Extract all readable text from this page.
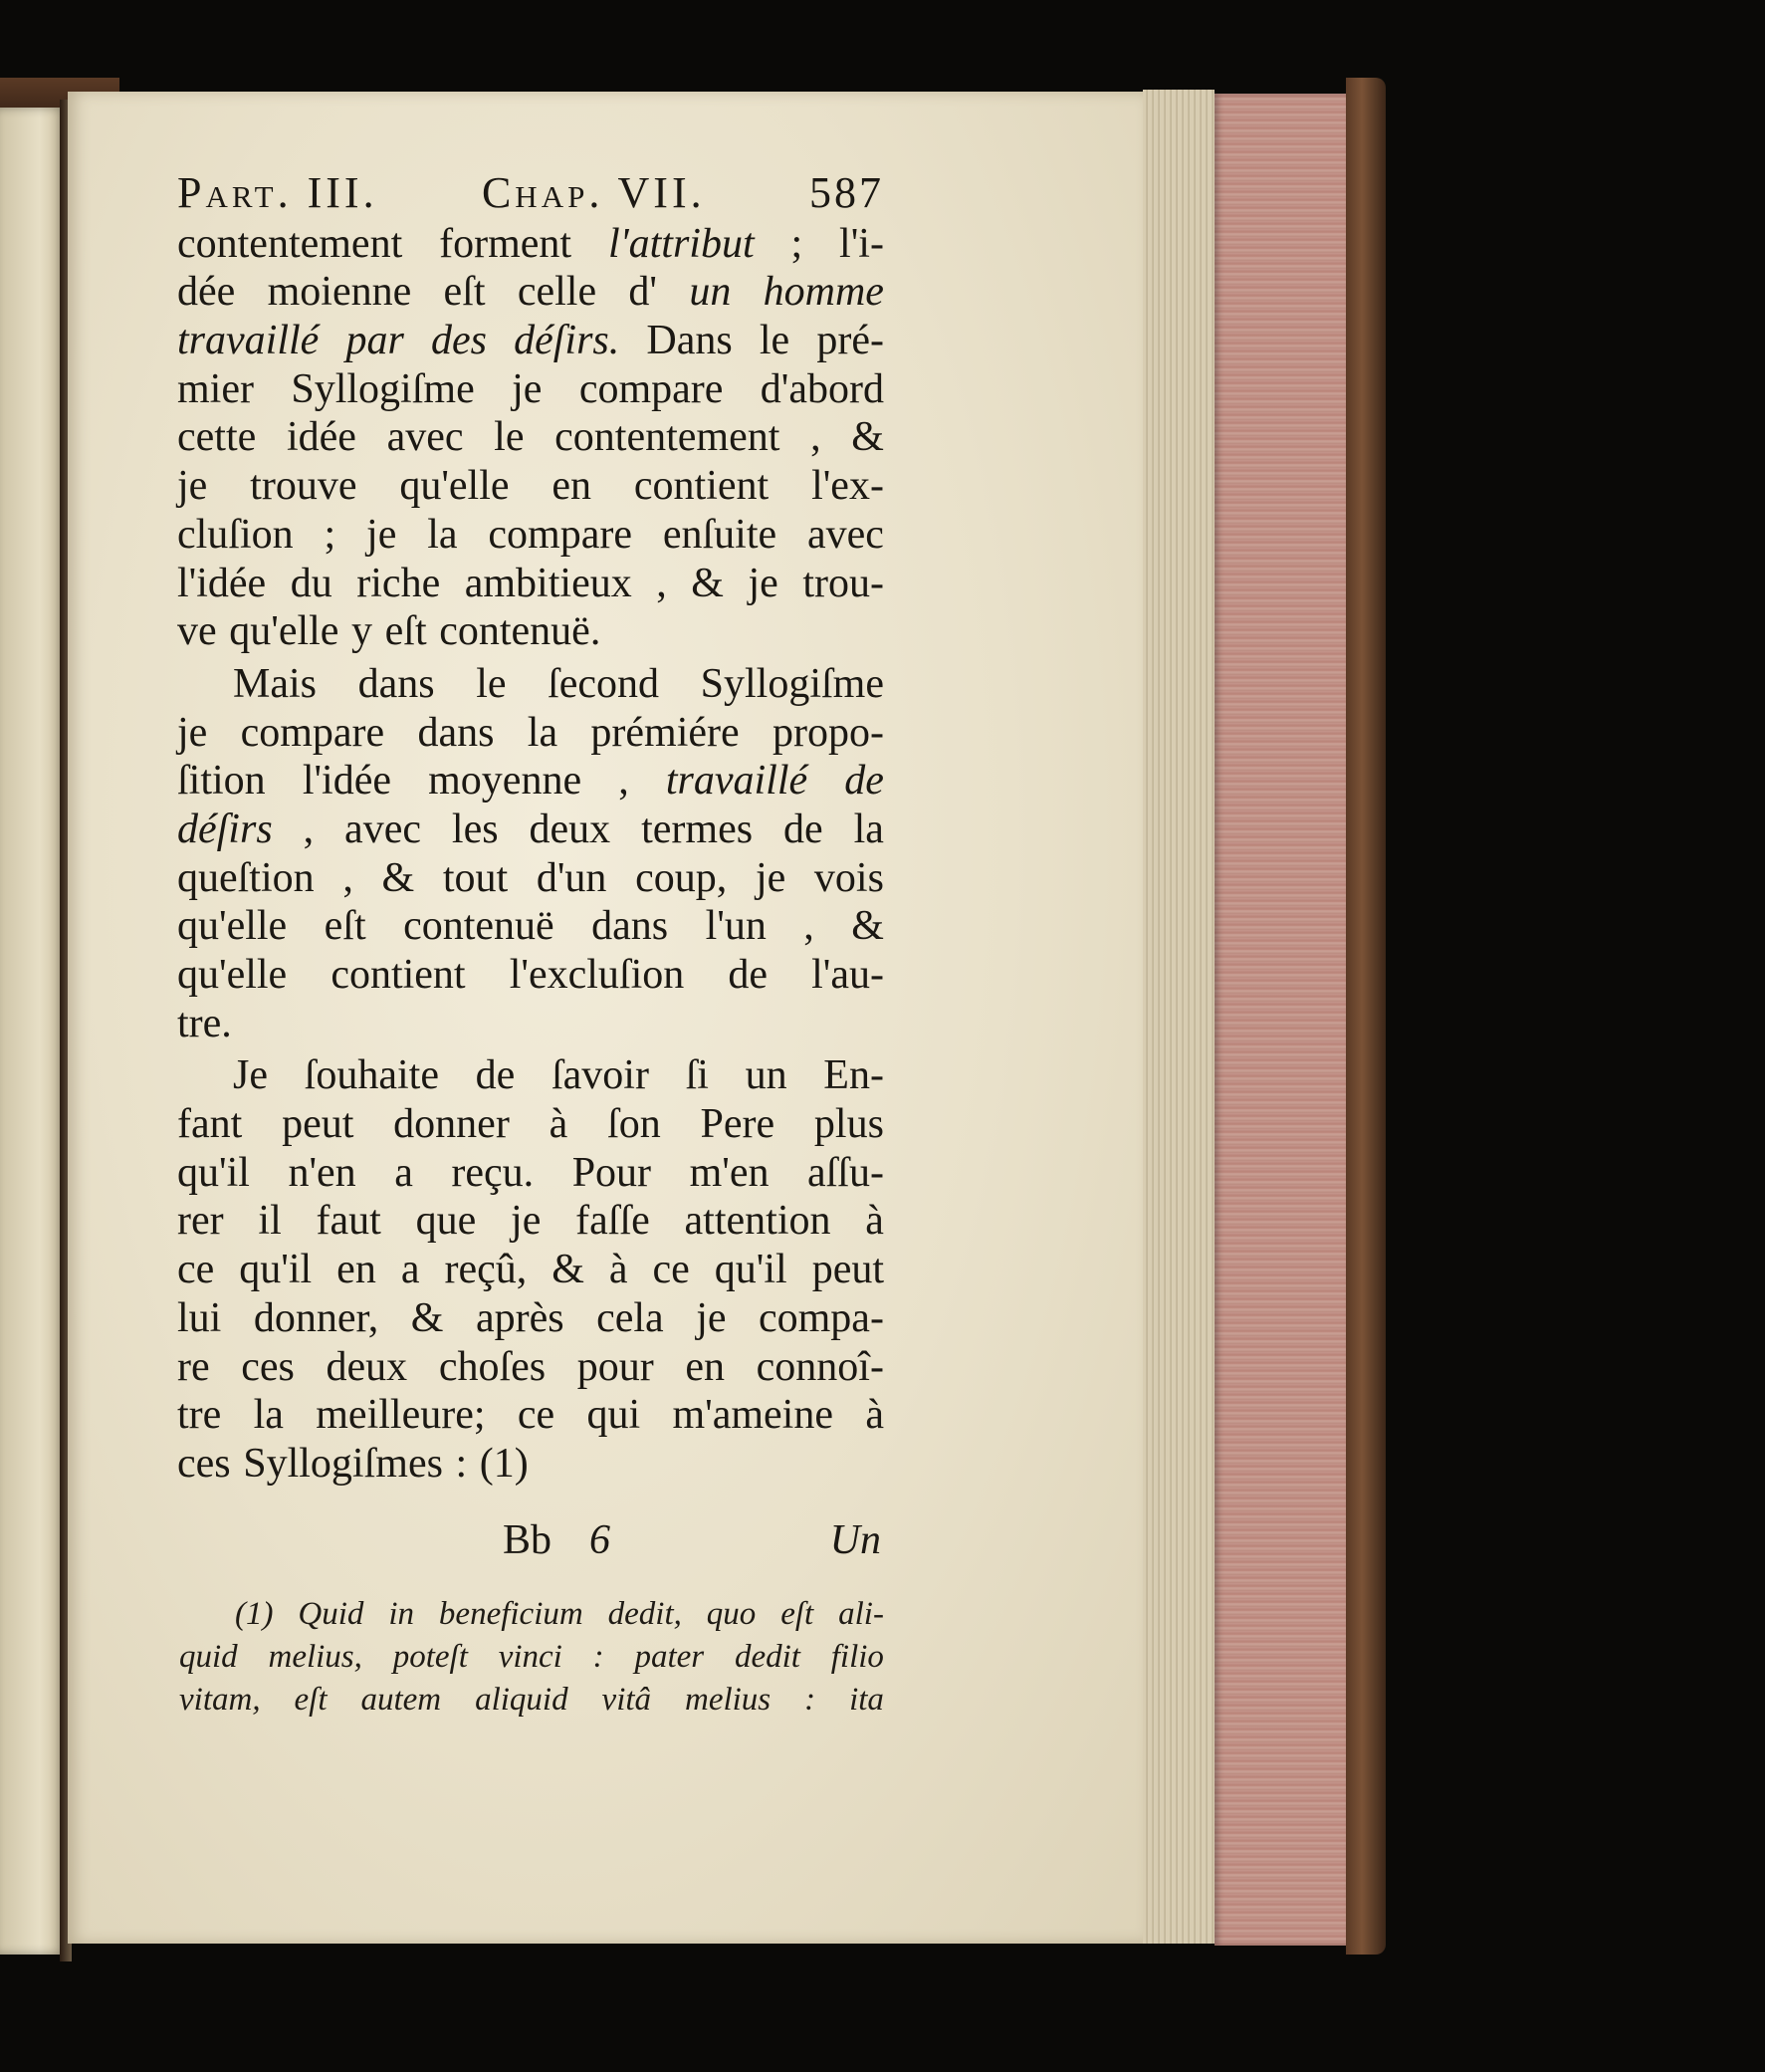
Part. III. Chap. VII. 587
contentement forment l'attribut ; l'i-
dée moienne eſt celle d' un homme
travaillé par des déſirs. Dans le pré-
mier Syllogiſme je compare d'abord
cette idée avec le contentement , &
je trouve qu'elle en contient l'ex-
cluſion ; je la compare enſuite avec
l'idée du riche ambitieux , & je trou-
ve qu'elle y eſt contenuë.
Mais dans le ſecond Syllogiſme
je compare dans la prémiére propo-
ſition l'idée moyenne , travaillé de
déſirs , avec les deux termes de la
queſtion , & tout d'un coup, je vois
qu'elle eſt contenuë dans l'un , &
qu'elle contient l'excluſion de l'au-
tre.
Je ſouhaite de ſavoir ſi un En-
fant peut donner à ſon Pere plus
qu'il n'en a reçu. Pour m'en aſſu-
rer il faut que je faſſe attention à
ce qu'il en a reçû, & à ce qu'il peut
lui donner, & après cela je compa-
re ces deux choſes pour en connoî-
tre la meilleure; ce qui m'ameine à
ces Syllogiſmes : (1)
Bb 6	Un
(1) Quid in beneficium dedit, quo eſt ali-
quid melius, poteſt vinci : pater dedit filio
vitam, eſt autem aliquid vitâ melius : ita
